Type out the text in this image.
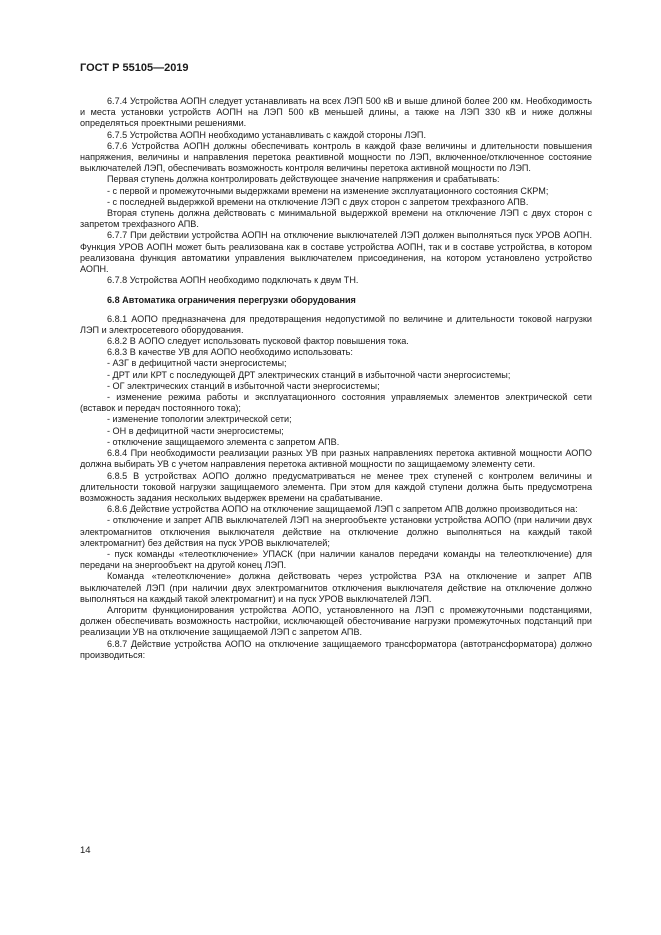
ГОСТ Р 55105—2019

6.7.4 Устройства АОПН следует устанавливать на всех ЛЭП 500 кВ и выше длиной более 200 км. Необходимость и места установки устройств АОПН на ЛЭП 500 кВ меньшей длины, а также на ЛЭП 330 кВ и ниже должны определяться проектными решениями.

6.7.5 Устройства АОПН необходимо устанавливать с каждой стороны ЛЭП.

6.7.6 Устройства АОПН должны обеспечивать контроль в каждой фазе величины и длительности повышения напряжения, величины и направления перетока реактивной мощности по ЛЭП, включенное/отключенное состояние выключателей ЛЭП, обеспечивать возможность контроля величины перетока активной мощности по ЛЭП.

Первая ступень должна контролировать действующее значение напряжения и срабатывать:

- с первой и промежуточными выдержками времени на изменение эксплуатационного состояния СКРМ;

- с последней выдержкой времени на отключение ЛЭП с двух сторон с запретом трехфазного АПВ.

Вторая ступень должна действовать с минимальной выдержкой времени на отключение ЛЭП с двух сторон с запретом трехфазного АПВ.

6.7.7 При действии устройства АОПН на отключение выключателей ЛЭП должен выполняться пуск УРОВ АОПН. Функция УРОВ АОПН может быть реализована как в составе устройства АОПН, так и в составе устройства, в котором реализована функция автоматики управления выключателем присоединения, на котором установлено устройство АОПН.

6.7.8 Устройства АОПН необходимо подключать к двум ТН.

6.8 Автоматика ограничения перегрузки оборудования

6.8.1 АОПО предназначена для предотвращения недопустимой по величине и длительности токовой нагрузки ЛЭП и электросетевого оборудования.

6.8.2 В АОПО следует использовать пусковой фактор повышения тока.

6.8.3 В качестве УВ для АОПО необходимо использовать:

- АЗГ в дефицитной части энергосистемы;

- ДРТ или КРТ с последующей ДРТ электрических станций в избыточной части энергосистемы;

- ОГ электрических станций в избыточной части энергосистемы;

- изменение режима работы и эксплуатационного состояния управляемых элементов электрической сети (вставок и передач постоянного тока);

- изменение топологии электрической сети;

- ОН в дефицитной части энергосистемы;

- отключение защищаемого элемента с запретом АПВ.

6.8.4 При необходимости реализации разных УВ при разных направлениях перетока активной мощности АОПО должна выбирать УВ с учетом направления перетока активной мощности по защищаемому элементу сети.

6.8.5 В устройствах АОПО должно предусматриваться не менее трех ступеней с контролем величины и длительности токовой нагрузки защищаемого элемента. При этом для каждой ступени должна быть предусмотрена возможность задания нескольких выдержек времени на срабатывание.

6.8.6 Действие устройства АОПО на отключение защищаемой ЛЭП с запретом АПВ должно производиться на:

- отключение и запрет АПВ выключателей ЛЭП на энергообъекте установки устройства АОПО (при наличии двух электромагнитов отключения выключателя действие на отключение должно выполняться на каждый такой электромагнит) без действия на пуск УРОВ выключателей;

- пуск команды «телеотключение» УПАСК (при наличии каналов передачи команды на телеотключение) для передачи на энергообъект на другой конец ЛЭП.

Команда «телеотключение» должна действовать через устройства РЗА на отключение и запрет АПВ выключателей ЛЭП (при наличии двух электромагнитов отключения выключателя действие на отключение должно выполняться на каждый такой электромагнит) и на пуск УРОВ выключателей ЛЭП.

Алгоритм функционирования устройства АОПО, установленного на ЛЭП с промежуточными подстанциями, должен обеспечивать возможность настройки, исключающей обесточивание нагрузки промежуточных подстанций при реализации УВ на отключение защищаемой ЛЭП с запретом АПВ.

6.8.7 Действие устройства АОПО на отключение защищаемого трансформатора (автотрансформатора) должно производиться:

14
